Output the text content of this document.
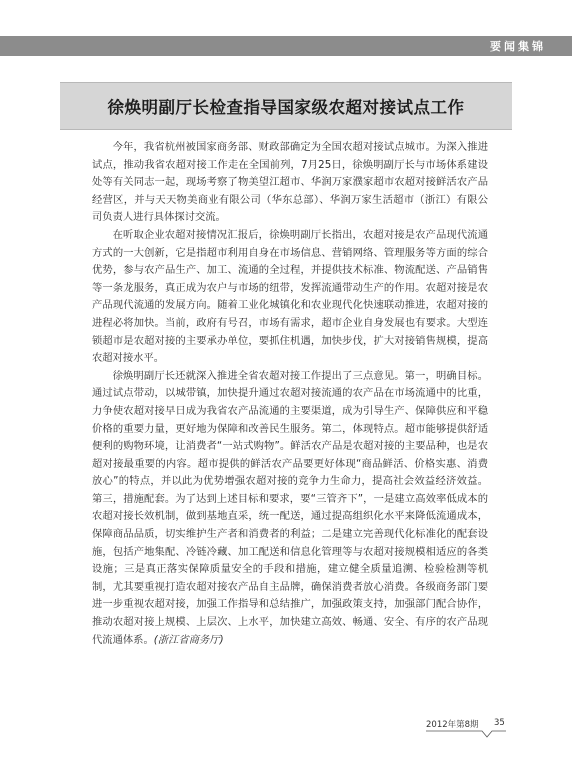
要闻集锦
徐焕明副厅长检查指导国家级农超对接试点工作

今年，我省杭州被国家商务部、财政部确定为全国农超对接试点城市。为深入推进试点，推动我省农超对接工作走在全国前列，7月25日，徐焕明副厅长与市场体系建设处等有关同志一起，现场考察了物美望江超市、华润万家濮家超市农超对接鲜活农产品经营区，并与天天物美商业有限公司（华东总部）、华润万家生活超市（浙江）有限公司负责人进行具体探讨交流。

在听取企业农超对接情况汇报后，徐焕明副厅长指出，农超对接是农产品现代流通方式的一大创新，它是指超市利用自身在市场信息、营销网络、管理服务等方面的综合优势，参与农产品生产、加工、流通的全过程，并提供技术标准、物流配送、产品销售等一条龙服务，真正成为农户与市场的纽带，发挥流通带动生产的作用。农超对接是农产品现代流通的发展方向。随着工业化城镇化和农业现代化快速联动推进，农超对接的进程必将加快。当前，政府有号召，市场有需求，超市企业自身发展也有要求。大型连锁超市是农超对接的主要承办单位，要抓住机遇，加快步伐，扩大对接销售规模，提高农超对接水平。

徐焕明副厅长还就深入推进全省农超对接工作提出了三点意见。第一，明确目标。通过试点带动，以城带镇，加快提升通过农超对接流通的农产品在市场流通中的比重，力争使农超对接早日成为我省农产品流通的主要渠道，成为引导生产、保障供应和平稳价格的重要力量，更好地为保障和改善民生服务。第二，体现特点。超市能够提供舒适便利的购物环境，让消费者“一站式购物”。鲜活农产品是农超对接的主要品种，也是农超对接最重要的内容。超市提供的鲜活农产品要更好体现“商品鲜活、价格实惠、消费放心”的特点，并以此为优势增强农超对接的竞争力生命力，提高社会效益经济效益。第三，措施配套。为了达到上述目标和要求，要“三管齐下”，一是建立高效率低成本的农超对接长效机制，做到基地直采，统一配送，通过提高组织化水平来降低流通成本，保障商品品质，切实维护生产者和消费者的利益；二是建立完善现代化标准化的配套设施，包括产地集配、冷链冷藏、加工配送和信息化管理等与农超对接规模相适应的各类设施；三是真正落实保障质量安全的手段和措施，建立健全质量追溯、检验检测等机制，尤其要重视打造农超对接农产品自主品牌，确保消费者放心消费。各级商务部门要进一步重视农超对接，加强工作指导和总结推广，加强政策支持，加强部门配合协作，推动农超对接上规模、上层次、上水平，加快建立高效、畅通、安全、有序的农产品现代流通体系。(浙江省商务厅)

2012年第8期 35
